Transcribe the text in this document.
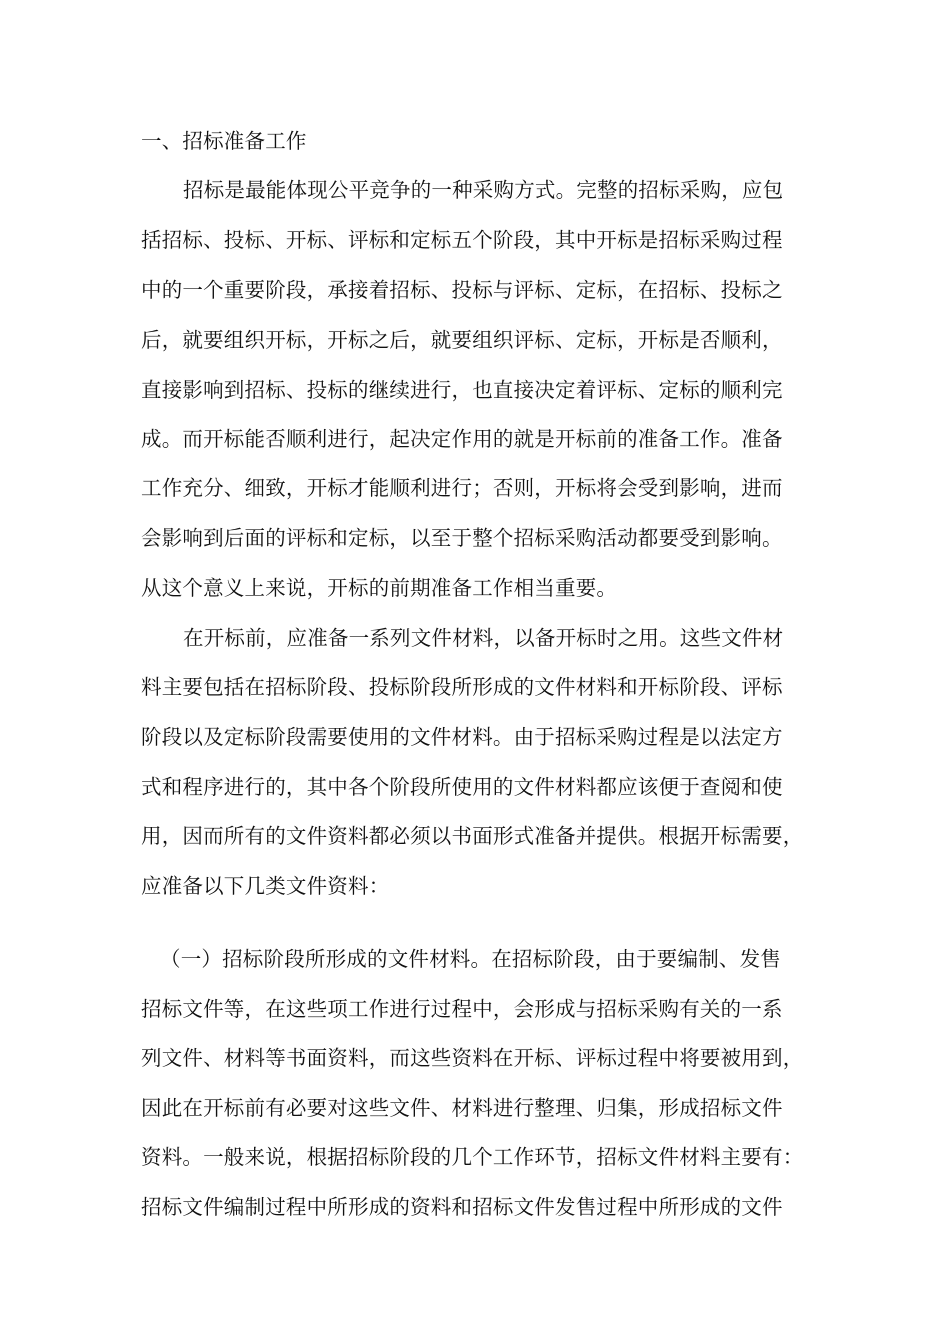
一、招标准备工作
招标是最能体现公平竞争的一种采购方式。完整的招标采购，应包
括招标、投标、开标、评标和定标五个阶段，其中开标是招标采购过程
中的一个重要阶段，承接着招标、投标与评标、定标，在招标、投标之
后，就要组织开标，开标之后，就要组织评标、定标，开标是否顺利，
直接影响到招标、投标的继续进行，也直接决定着评标、定标的顺利完
成。而开标能否顺利进行，起决定作用的就是开标前的准备工作。准备
工作充分、细致，开标才能顺利进行；否则，开标将会受到影响，进而
会影响到后面的评标和定标，以至于整个招标采购活动都要受到影响。
从这个意义上来说，开标的前期准备工作相当重要。
在开标前，应准备一系列文件材料，以备开标时之用。这些文件材
料主要包括在招标阶段、投标阶段所形成的文件材料和开标阶段、评标
阶段以及定标阶段需要使用的文件材料。由于招标采购过程是以法定方
式和程序进行的，其中各个阶段所使用的文件材料都应该便于查阅和使
用，因而所有的文件资料都必须以书面形式准备并提供。根据开标需要，
应准备以下几类文件资料：
（一）招标阶段所形成的文件材料。在招标阶段，由于要编制、发售
招标文件等，在这些项工作进行过程中，会形成与招标采购有关的一系
列文件、材料等书面资料，而这些资料在开标、评标过程中将要被用到，
因此在开标前有必要对这些文件、材料进行整理、归集，形成招标文件
资料。一般来说，根据招标阶段的几个工作环节，招标文件材料主要有：
招标文件编制过程中所形成的资料和招标文件发售过程中所形成的文件
